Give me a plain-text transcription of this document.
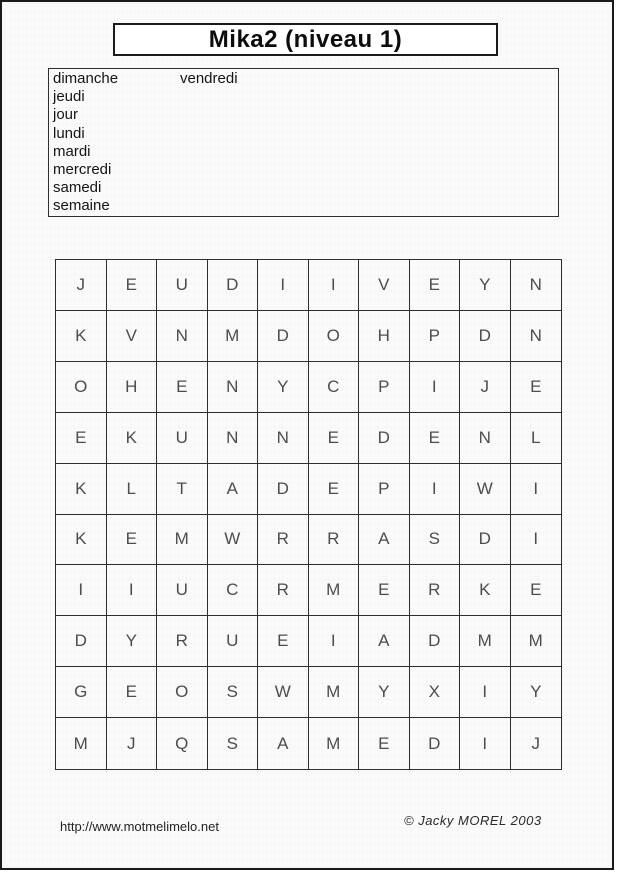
Mika2 (niveau 1)
dimanche
jeudi
jour
lundi
mardi
mercredi
samedi
semaine
vendredi
J	E	U	D	I	I	V	E	Y	N
K	V	N	M	D	O	H	P	D	N
O	H	E	N	Y	C	P	I	J	E
E	K	U	N	N	E	D	E	N	L
K	L	T	A	D	E	P	I	W	I
K	E	M	W	R	R	A	S	D	I
I	I	U	C	R	M	E	R	K	E
D	Y	R	U	E	I	A	D	M	M
G	E	O	S	W	M	Y	X	I	Y
M	J	Q	S	A	M	E	D	I	J
http://www.motmelimelo.net	© Jacky MOREL 2003
